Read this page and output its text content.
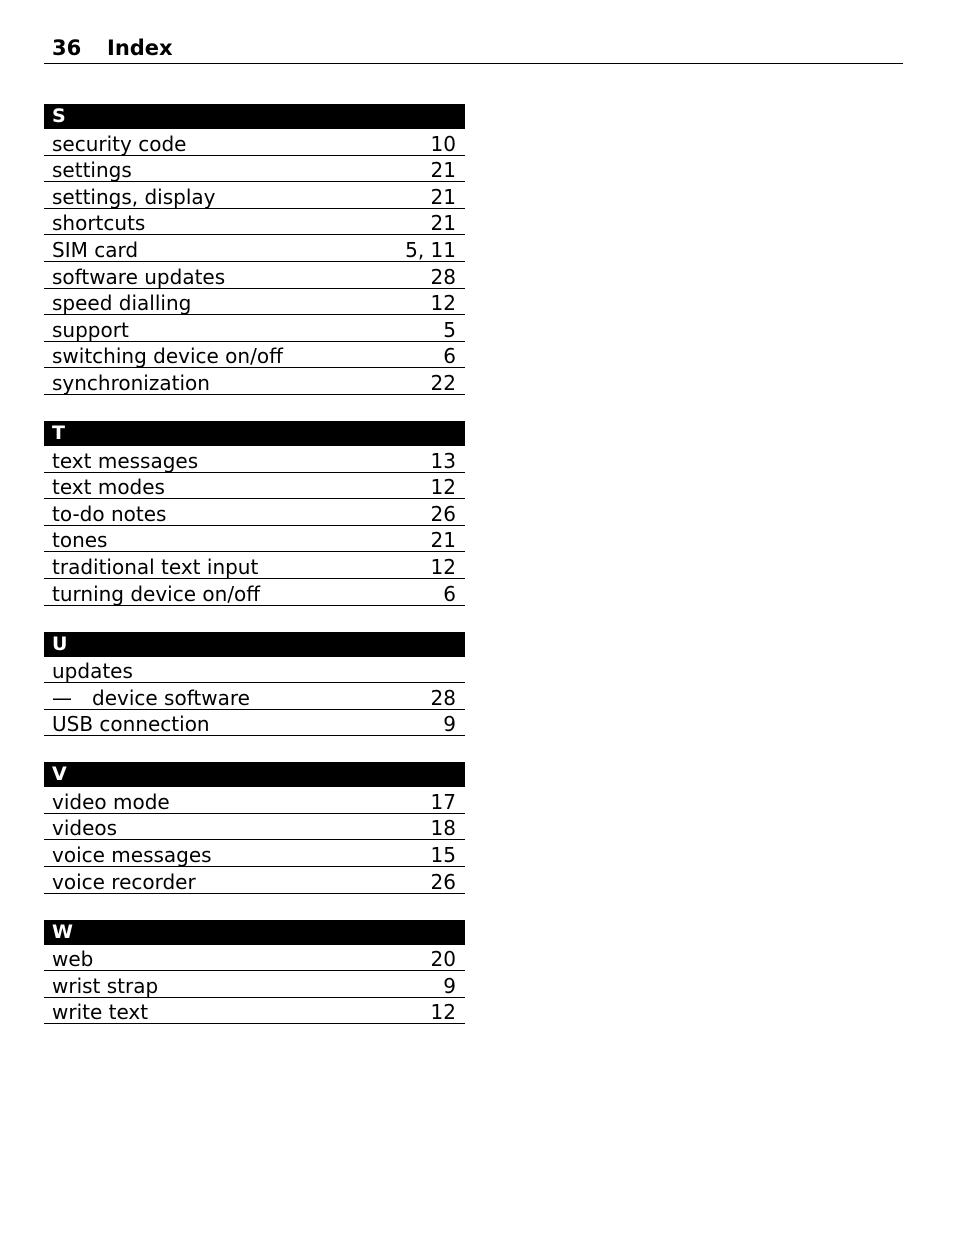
36 Index
S
security code	10
settings	21
settings, display	21
shortcuts	21
SIM card	5, 11
software updates	28
speed dialling	12
support	5
switching device on/off	6
synchronization	22
T
text messages	13
text modes	12
to-do notes	26
tones	21
traditional text input	12
turning device on/off	6
U
updates
— device software	28
USB connection	9
V
video mode	17
videos	18
voice messages	15
voice recorder	26
W
web	20
wrist strap	9
write text	12
